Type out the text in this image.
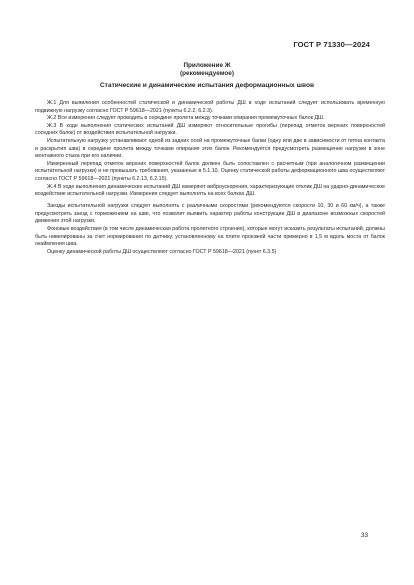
ГОСТ Р 71330—2024
Приложение Ж
(рекомендуемое)
Статические и динамические испытания деформационных швов

Ж.1 Для выявления особенностей статической и динамической работы ДШ в ходе испытаний следует использовать временную подвижную нагрузку согласно ГОСТ Р 59618—2021 (пункты 6.2.2, 6.2.3).

Ж.2 Все измерения следует проводить в середине пролета между точками опирания промежуточных балок ДШ.

Ж.3 В ходе выполнения статических испытаний ДШ измеряют относительные прогибы (перепад отметок верхних поверхностей соседних балок) от воздействия испытательной нагрузки.

Испытательную нагрузку устанавливают одной из задних осей на промежуточные балки (одну или две в зависимости от пятна контакта и раскрытия шва) в середине пролета между точками опирания этих балок. Рекомендуется предусмотреть размещение нагрузки в зоне монтажного стыка при его наличии.

Измеренный перепад отметок верхних поверхностей балок должен быть сопоставлен с расчетным (при аналогичном размещении испытательной нагрузки) и не превышать требования, указанные в 5.1.10. Оценку статической работы деформационного шва осуществляют согласно ГОСТ Р 59618—2021 (пункты 6.2.13, 6.2.15).

Ж.4 В ходе выполнения динамических испытаний ДШ измеряют виброускорения, характеризующие отклик ДШ на ударно-динамическое воздействие испытательной нагрузки. Измерения следует выполнять на всех балках ДШ.

Заезды испытательной нагрузки следует выполнять с различными скоростями (рекомендуются скорости 10, 30 и 60 км/ч), а также предусмотреть заезд с торможением на шве, что позволит выявить характер работы конструкции ДШ в диапазоне возможных скоростей движения этой нагрузки.

Фоновые воздействия (в том числе динамическая работа пролетного строения), которые могут исказить результаты испытаний, должны быть нивелированы за счет нормирования по датчику, установленному на плите проезжей части примерно в 1,5 м вдоль моста от балок окаймления шва.

Оценку динамической работы ДШ осуществляют согласно ГОСТ Р 59618—2021 (пункт 6.3.5)

33
